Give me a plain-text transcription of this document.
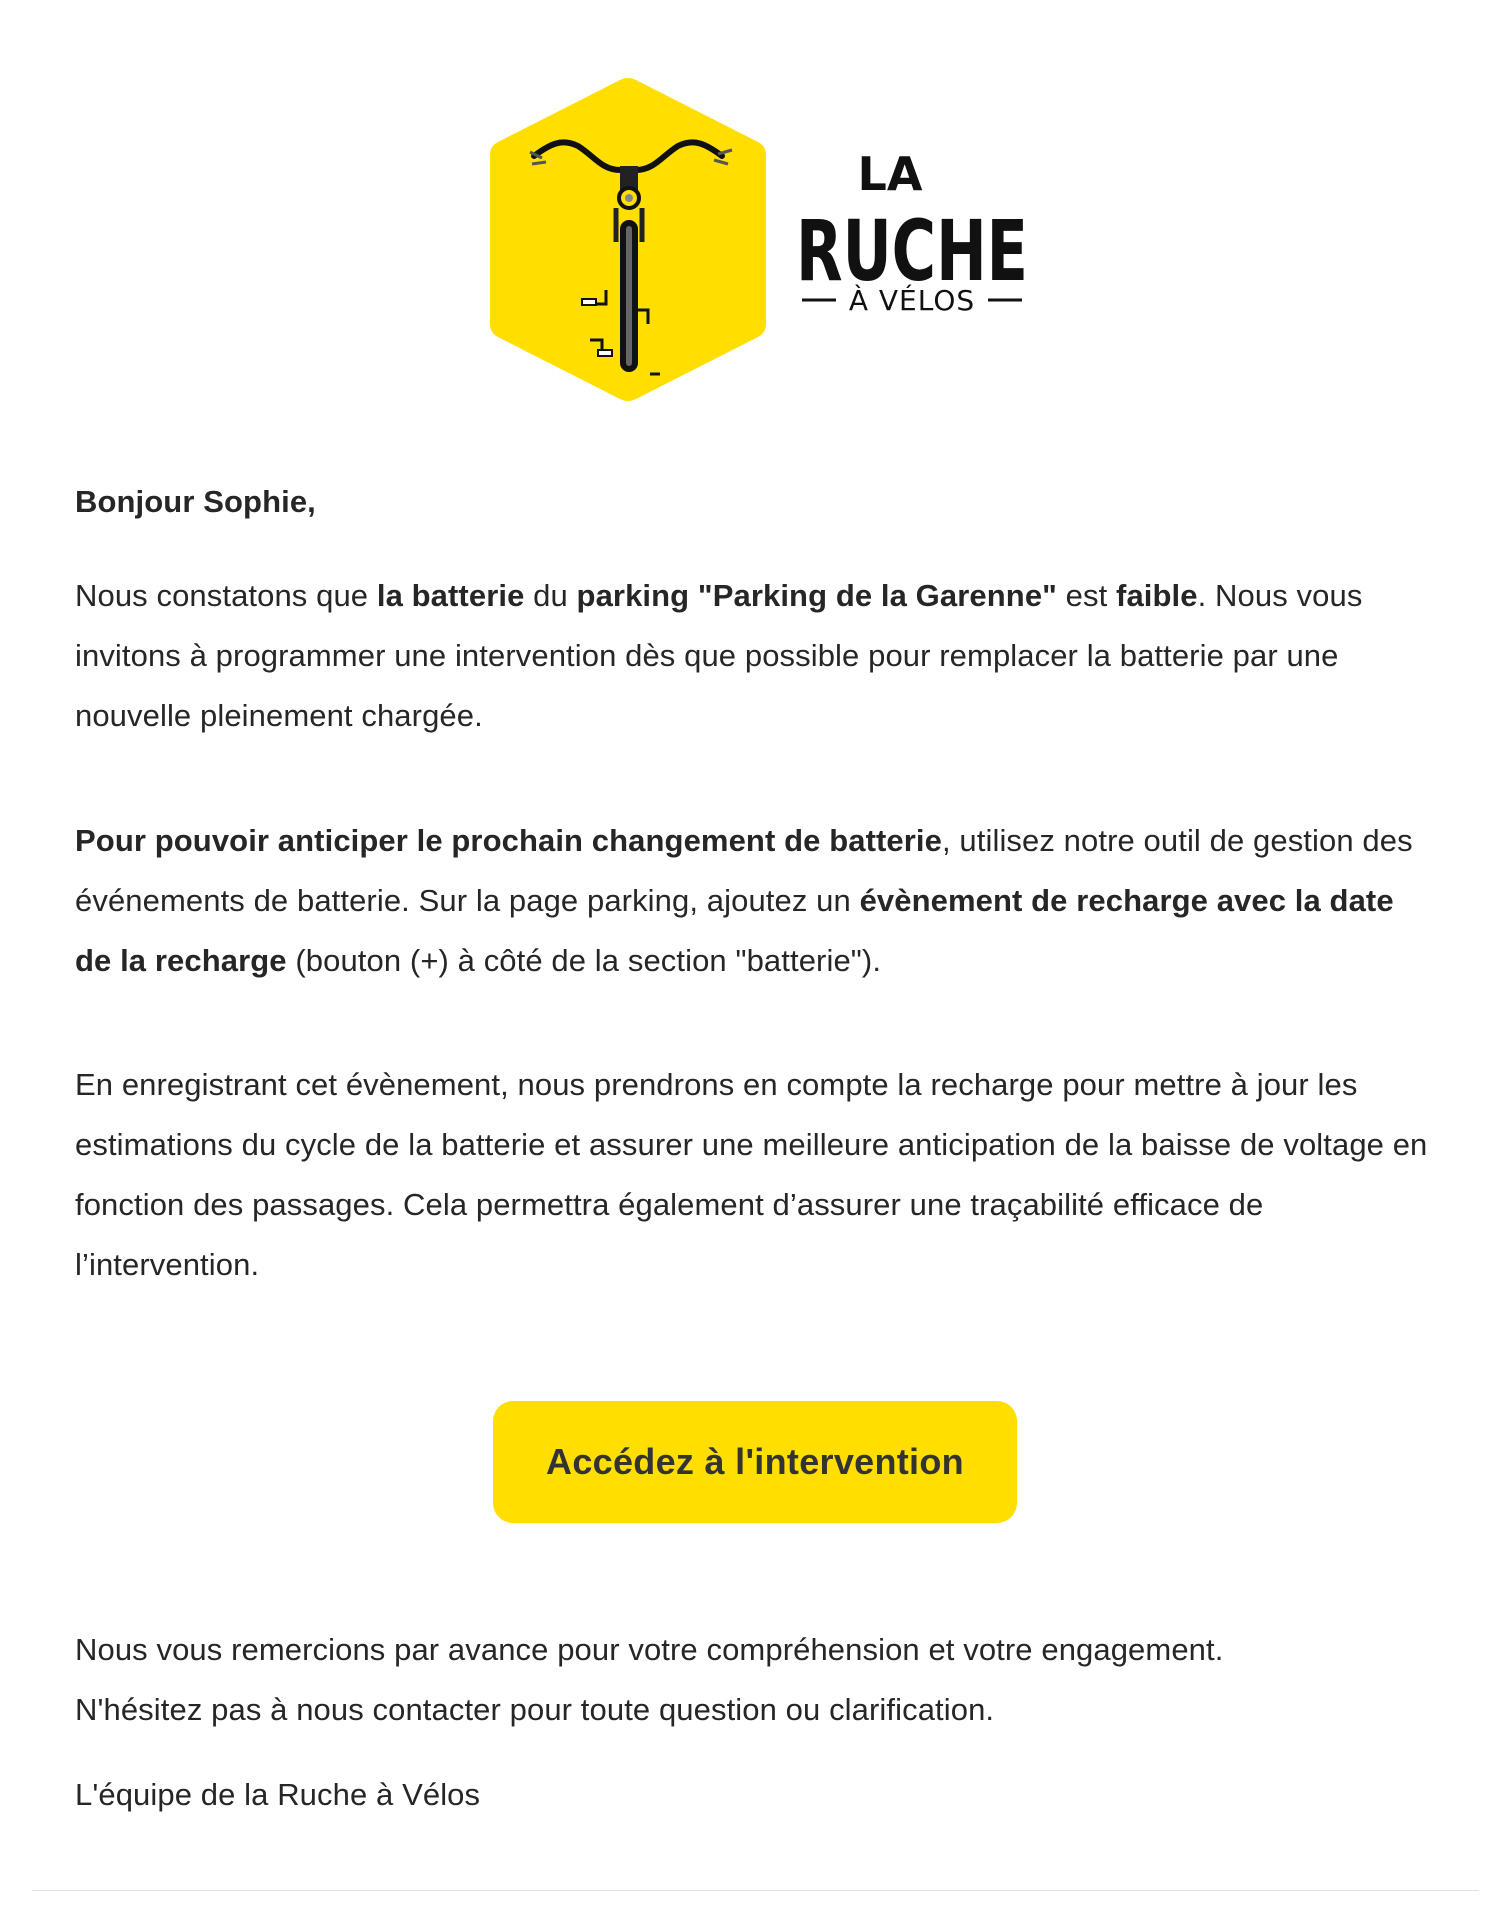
LA
RUCHE
À VÉLOS

Bonjour Sophie,

Nous constatons que la batterie du parking "Parking de la Garenne" est faible. Nous vous invitons à programmer une intervention dès que possible pour remplacer la batterie par une nouvelle pleinement chargée.

Pour pouvoir anticiper le prochain changement de batterie, utilisez notre outil de gestion des événements de batterie. Sur la page parking, ajoutez un évènement de recharge avec la date de la recharge (bouton (+) à côté de la section "batterie").

En enregistrant cet évènement, nous prendrons en compte la recharge pour mettre à jour les estimations du cycle de la batterie et assurer une meilleure anticipation de la baisse de voltage en fonction des passages. Cela permettra également d’assurer une traçabilité efficace de l’intervention.

Accédez à l'intervention

Nous vous remercions par avance pour votre compréhension et votre engagement.
N'hésitez pas à nous contacter pour toute question ou clarification.

L'équipe de la Ruche à Vélos
